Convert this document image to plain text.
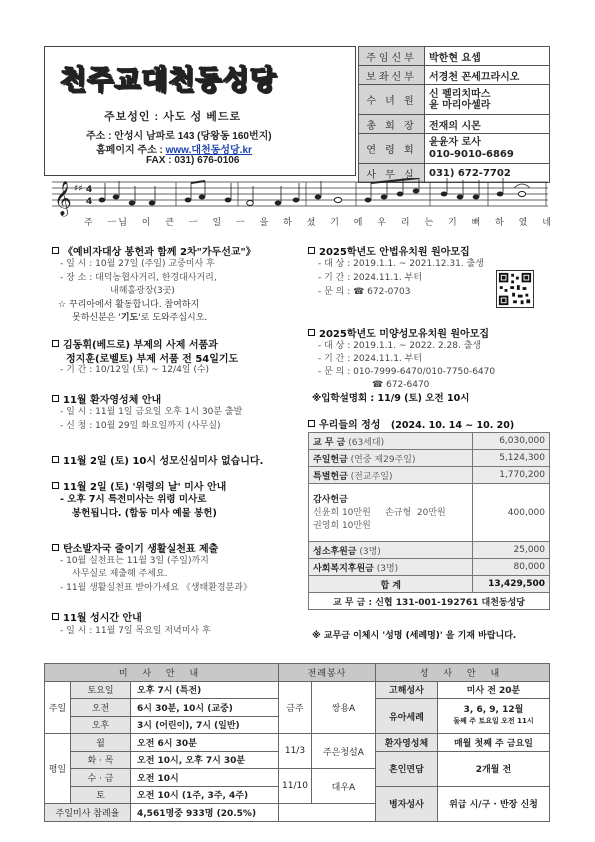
천주교대천동성당
주보성인 : 사도 성 베드로
주소 : 안성시 남파로 143 (당왕동 160번지)
홈페이지 주소 : www.대천동성당.kr
FAX : 031) 676-0106
주임신부	박한현 요셉
보좌신부	서경천 꼰세끄라시오
수 녀 원	신 펠리치따스
윤 마리아셀라
총 회 장	전재의 시몬
연 령 회	윤윤자 로사
010-9010-6869
사 무 실	031) 672-7702
𝄞 ♯♯ 4
4
주 ㅡ님 이 큰 ㅡ 일 ㅡ 을 하 셨 기 에 우 리 는 기 뻐 하 였 네
《예비자대상 봉헌과 함께 2차"가두선교"》
- 일 시 : 10월 27일 (주일) 교중미사 후
- 장 소 : 대덕농협사거리, 한경대사거리,
내혜홀광장(3곳)
☆ 꾸리아에서 활동합니다. 참여하지
못하신분은 '기도'로 도와주십시오.
김동휘(베드로) 부제의 사제 서품과
정지훈(로벨토) 부제 서품 전 54일기도
- 기 간 : 10/12일 (토) ~ 12/4일 (수)
11월 환자영성체 안내
- 일 시 : 11월 1일 금요일 오후 1시 30분 출발
- 신 청 : 10월 29일 화요일까지 (사무실)
11월 2일 (토) 10시 성모신심미사 없습니다.
11월 2일 (토) '위령의 날' 미사 안내
- 오후 7시 특전미사는 위령 미사로
봉헌됩니다. (합동 미사 예물 봉헌)
탄소발자국 줄이기 생활실천표 제출
- 10월 실천표는 11월 3일 (주일)까지
사무실로 제출해 주세요.
- 11월 생활실천표 받아가세요 《생태환경분과》
11월 성시간 안내
- 일 시 : 11월 7일 목요일 저녁미사 후
2025학년도 안법유치원 원아모집
- 대 상 : 2019.1.1. ~ 2021.12.31. 출생
- 기 간 : 2024.11.1. 부터
- 문 의 : ☎ 672-0703
2025학년도 미양성모유치원 원아모집
- 대 상 : 2019.1.1. ~ 2022. 2.28. 출생
- 기 간 : 2024.11.1. 부터
- 문 의 : 010-7999-6470/010-7750-6470
☎ 672-6470
※입학설명회 : 11/9 (토) 오전 10시
우리들의 정성 (2024. 10. 14 ~ 10. 20)
교 무 금 (63세대)	6,030,000
주일헌금 (연중 제29주일)	5,124,300
특별헌금 (전교주일)	1,770,200
감사헌금
신윤희 10만원     손규형  20만원
권영희 10만원	400,000
성소후원금 (3명)	25,000
사회복지후원금 (3명)	80,000
합 계	13,429,500
교 무 금 : 신협 131-001-192761 대천동성당	
※ 교무금 이체시 '성명 (세례명)' 을 기재 바랍니다.
미 사 안 내			전례봉사		성 사 안 내	
주일	토요일	오후 7시 (특전)	금주	쌍용A	고해성사	미사 전 20분
	오전	6시 30분, 10시 (교중)			유아세례	3, 6, 9, 12월
둘째 주 토요일 오전 11시
	오후	3시 (어린이), 7시 (일반)				
평일	월	오전 6시 30분	11/3	주은청설A	환자영성체	매월 첫째 주 금요일
	화 · 목	오전 10시, 오후 7시 30분			혼인면담	2개월 전
	수 · 금	오전 10시	11/10	대우A		
	토	오전 10시 (1주, 3주, 4주)			병자성사	위급 시/구 · 반장 신청
주일미사 참례율		4,561명중 933명 (20.5%)				
